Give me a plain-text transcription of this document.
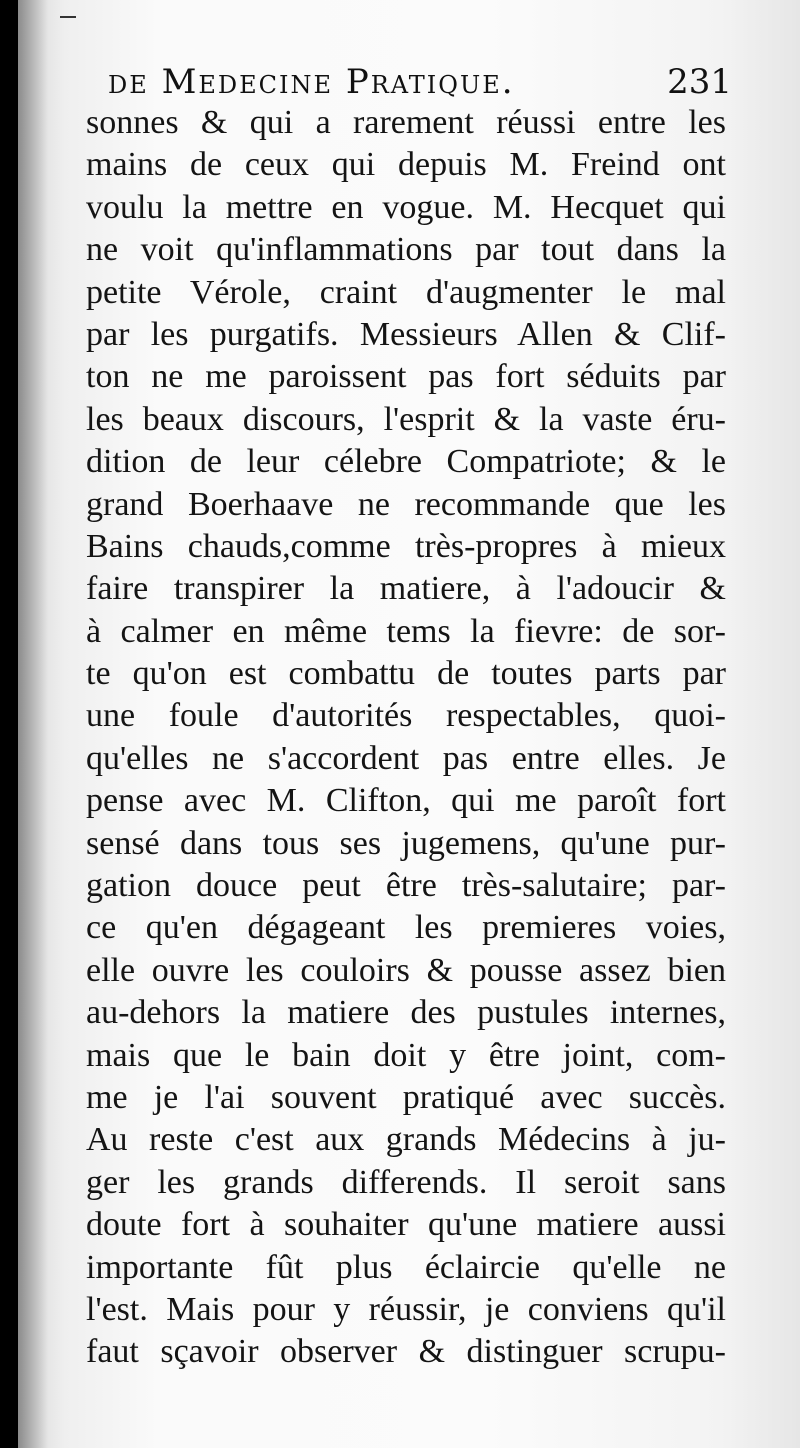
de Medecine Pratique.	231
sonnes & qui a rarement réussi entre les
mains de ceux qui depuis M. Freind ont
voulu la mettre en vogue. M. Hecquet qui
ne voit qu'inflammations par tout dans la
petite Vérole, craint d'augmenter le mal
par les purgatifs. Messieurs Allen & Clif-
ton ne me paroissent pas fort séduits par
les beaux discours, l'esprit & la vaste éru-
dition de leur célebre Compatriote; & le
grand Boerhaave ne recommande que les
Bains chauds,comme très-propres à mieux
faire transpirer la matiere, à l'adoucir &
à calmer en même tems la fievre: de sor-
te qu'on est combattu de toutes parts par
une foule d'autorités respectables, quoi-
qu'elles ne s'accordent pas entre elles. Je
pense avec M. Clifton, qui me paroît fort
sensé dans tous ses jugemens, qu'une pur-
gation douce peut être très-salutaire; par-
ce qu'en dégageant les premieres voies,
elle ouvre les couloirs & pousse assez bien
au-dehors la matiere des pustules internes,
mais que le bain doit y être joint, com-
me je l'ai souvent pratiqué avec succès.
Au reste c'est aux grands Médecins à ju-
ger les grands differends. Il seroit sans
doute fort à souhaiter qu'une matiere aussi
importante fût plus éclaircie qu'elle ne
l'est. Mais pour y réussir, je conviens qu'il
faut sçavoir observer & distinguer scrupu-
